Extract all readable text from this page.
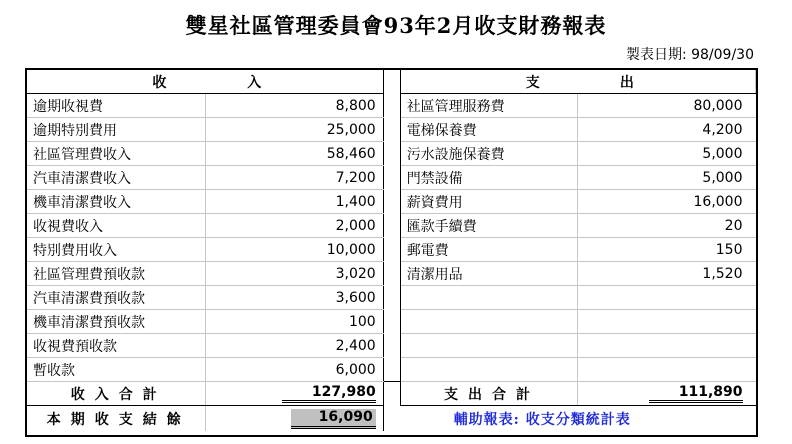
雙星社區管理委員會93年2月收支財務報表
製表日期: 98/09/30
收 入			支 出	

逾期收視費	8,800		社區管理服務費	80,000
逾期特別費用	25,000		電梯保養費	4,200
社區管理費收入	58,460		污水設施保養費	5,000
汽車清潔費收入	7,200		門禁設備	5,000
機車清潔費收入	1,400		薪資費用	16,000
收視費收入	2,000		匯款手續費	20
特別費用收入	10,000		郵電費	150
社區管理費預收款	3,020		清潔用品	1,520
汽車清潔費預收款	3,600			
機車清潔費預收款	100			
收視費預收款	2,400			
暫收款	6,000			
收入合計	127,980		支出合計	111,890
本期收支結餘	16,090	輔助報表: 收支分類統計表		
